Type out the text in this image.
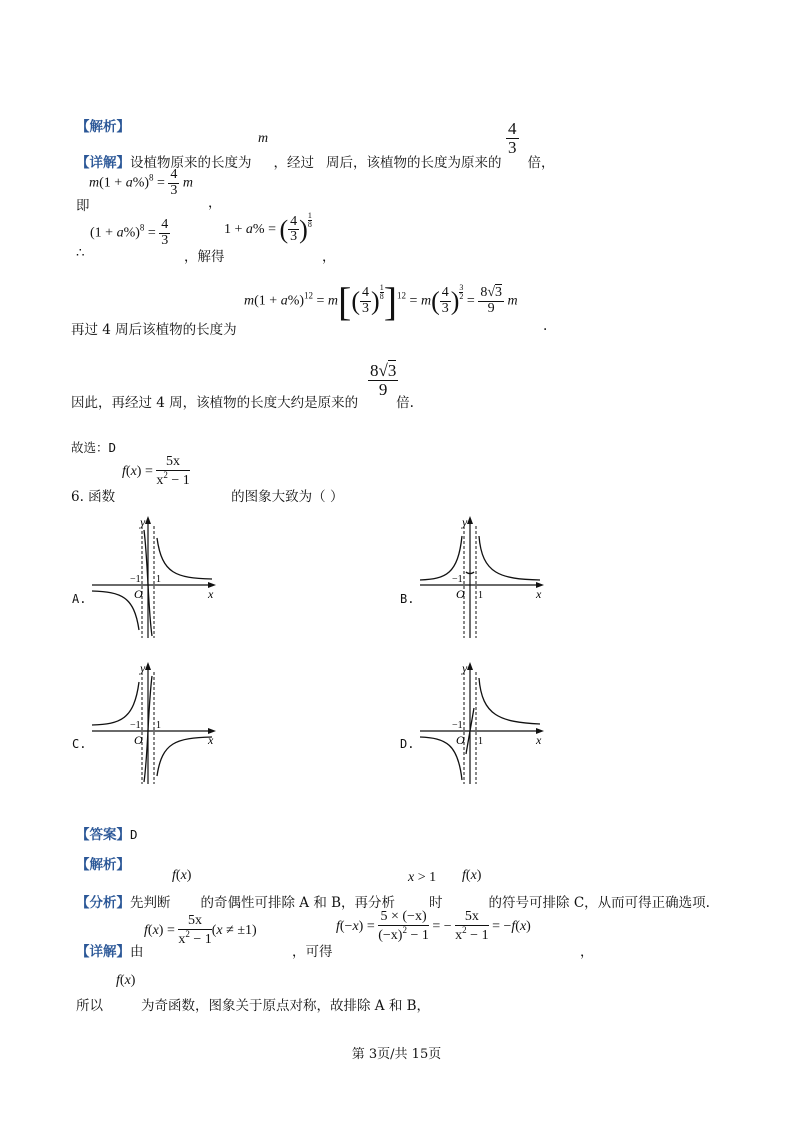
【解析】
m	$\frac{4}{3}$
【详解】设植物原来的长度为 ，经过 周后，该植物的长度为原来的 倍，
$m(1 + a\%)^8 = \frac{4}{3}$ m
即	，
$(1 + a\%)^8 = \frac{4}{3}$
∴	，解得
1 + a% = ( $\frac{4}{3}$ ) $\frac{1}{8}$
，
$m(1 + a\%)^{12} = m[( \frac{4}{3}$ ) $\frac{1}{8} ]^{12} = m( \frac{4}{3}$ ) $\frac{3}{2}$
= $\frac{8√3}{9}$ m
再过 4 周后该植物的长度为	.
$\frac{8√3}{9}$
因此，再经过 4 周，该植物的长度大约是原来的	倍.
故选：D
$f(x) = \frac{5x}{x^2 - 1}$
6. 函数	的图象大致为（ ）
A.	B.
C.	D.
y
x
O
−1 1
y
x
O
−1
1
y
x
O
−1 1
y
x
O
−1
1
【答案】D
【解析】
f(x)	x > 1 f(x)
【分析】先判断 的奇偶性可排除 A 和 B，再分析	时	的符号可排除 C，从而可得正确选项.
$f(x) = \frac{5x}{x^2 - 1} (x \ne \pm 1)$	$f(-x) = \frac{5 \times (-x)}{(-x)^2 - 1}$ = − $\frac{5x}{x^2 - 1} = -f(x)$
【详解】由	，可得	，
f(x)
所以	为奇函数，图象关于原点对称，故排除 A 和 B，
第 3页/共 15页
